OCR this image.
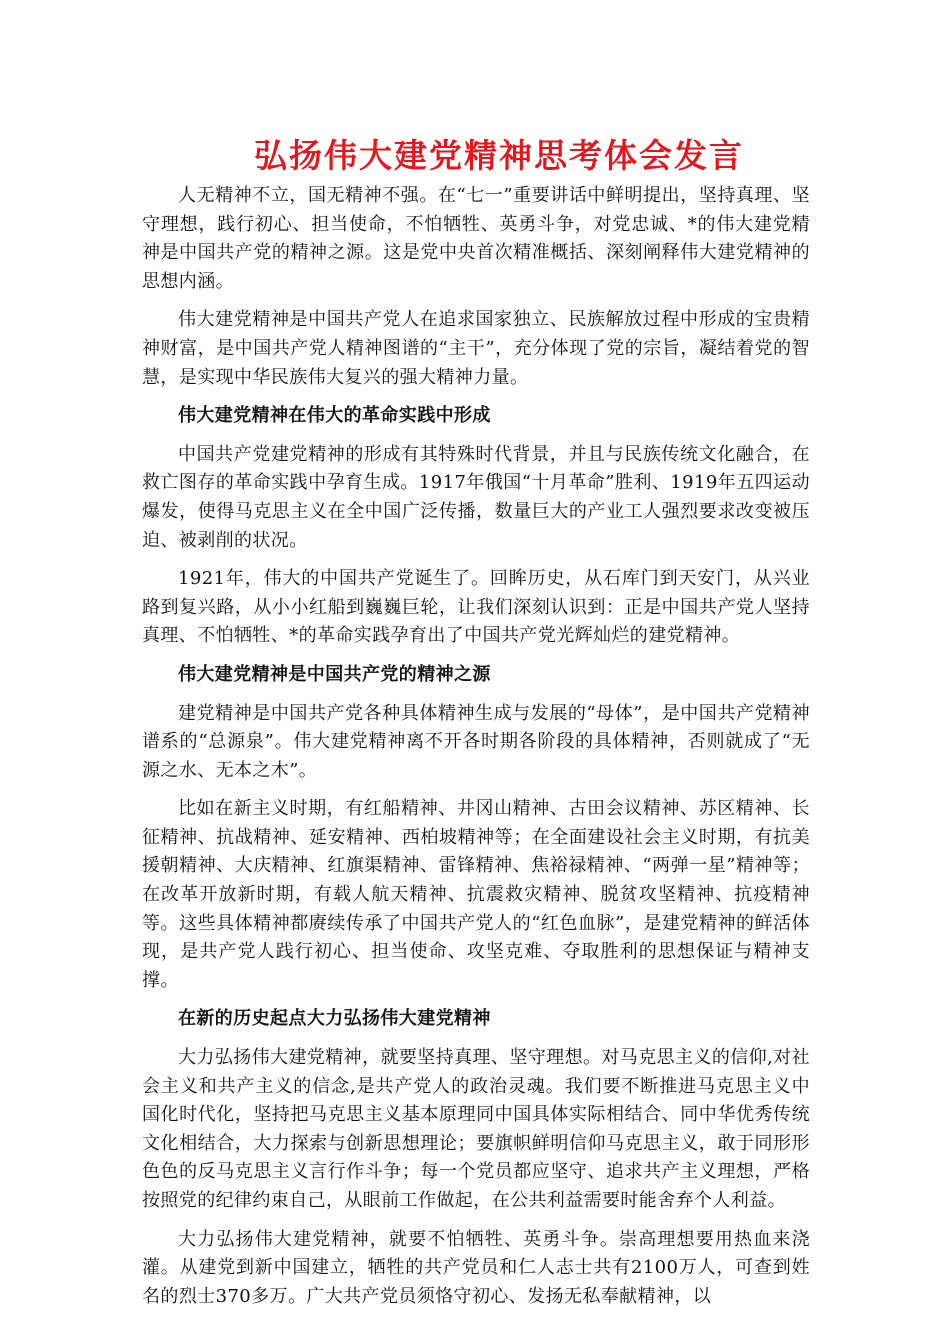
弘扬伟大建党精神思考体会发言

人无精神不立，国无精神不强。在“七一”重要讲话中鲜明提出，坚持真理、坚守理想，践行初心、担当使命，不怕牺牲、英勇斗争，对党忠诚、*的伟大建党精神是中国共产党的精神之源。这是党中央首次精准概括、深刻阐释伟大建党精神的思想内涵。

伟大建党精神是中国共产党人在追求国家独立、民族解放过程中形成的宝贵精神财富，是中国共产党人精神图谱的“主干”，充分体现了党的宗旨，凝结着党的智慧，是实现中华民族伟大复兴的强大精神力量。

伟大建党精神在伟大的革命实践中形成

中国共产党建党精神的形成有其特殊时代背景，并且与民族传统文化融合，在救亡图存的革命实践中孕育生成。1917年俄国“十月革命”胜利、1919年五四运动爆发，使得马克思主义在全中国广泛传播，数量巨大的产业工人强烈要求改变被压迫、被剥削的状况。

1921年，伟大的中国共产党诞生了。回眸历史，从石库门到天安门，从兴业路到复兴路，从小小红船到巍巍巨轮，让我们深刻认识到：正是中国共产党人坚持真理、不怕牺牲、*的革命实践孕育出了中国共产党光辉灿烂的建党精神。

伟大建党精神是中国共产党的精神之源

建党精神是中国共产党各种具体精神生成与发展的“母体”，是中国共产党精神谱系的“总源泉”。伟大建党精神离不开各时期各阶段的具体精神，否则就成了“无源之水、无本之木”。

比如在新主义时期，有红船精神、井冈山精神、古田会议精神、苏区精神、长征精神、抗战精神、延安精神、西柏坡精神等；在全面建设社会主义时期，有抗美援朝精神、大庆精神、红旗渠精神、雷锋精神、焦裕禄精神、“两弹一星”精神等；在改革开放新时期，有载人航天精神、抗震救灾精神、脱贫攻坚精神、抗疫精神等。这些具体精神都赓续传承了中国共产党人的“红色血脉”，是建党精神的鲜活体现，是共产党人践行初心、担当使命、攻坚克难、夺取胜利的思想保证与精神支撑。

在新的历史起点大力弘扬伟大建党精神

大力弘扬伟大建党精神，就要坚持真理、坚守理想。对马克思主义的信仰,对社会主义和共产主义的信念,是共产党人的政治灵魂。我们要不断推进马克思主义中国化时代化，坚持把马克思主义基本原理同中国具体实际相结合、同中华优秀传统文化相结合，大力探索与创新思想理论；要旗帜鲜明信仰马克思主义，敢于同形形色色的反马克思主义言行作斗争；每一个党员都应坚守、追求共产主义理想，严格按照党的纪律约束自己，从眼前工作做起，在公共利益需要时能舍弃个人利益。

大力弘扬伟大建党精神，就要不怕牺牲、英勇斗争。崇高理想要用热血来浇灌。从建党到新中国建立，牺牲的共产党员和仁人志士共有2100万人，可查到姓名的烈士370多万。广大共产党员须恪守初心、发扬无私奉献精神，以
